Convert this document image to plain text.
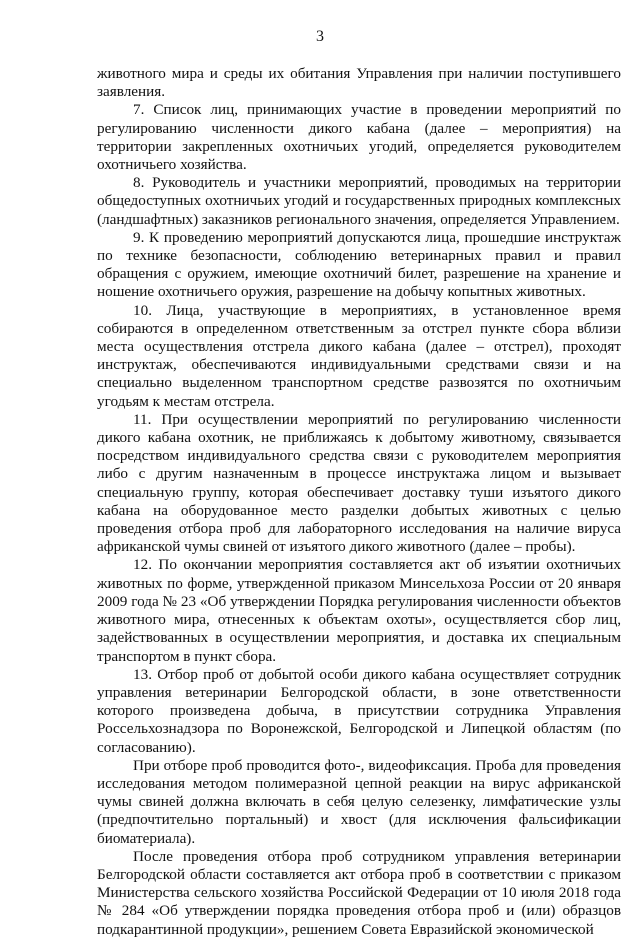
3

животного мира и среды их обитания Управления при наличии поступившего заявления.

7. Список лиц, принимающих участие в проведении мероприятий по регулированию численности дикого кабана (далее – мероприятия) на территории закрепленных охотничьих угодий, определяется руководителем охотничьего хозяйства.

8. Руководитель и участники мероприятий, проводимых на территории общедоступных охотничьих угодий и государственных природных комплексных (ландшафтных) заказников регионального значения, определяется Управлением.

9. К проведению мероприятий допускаются лица, прошедшие инструктаж по технике безопасности, соблюдению ветеринарных правил и правил обращения с оружием, имеющие охотничий билет, разрешение на хранение и ношение охотничьего оружия, разрешение на добычу копытных животных.

10. Лица, участвующие в мероприятиях, в установленное время собираются в определенном ответственным за отстрел пункте сбора вблизи места осуществления отстрела дикого кабана (далее – отстрел), проходят инструктаж, обеспечиваются индивидуальными средствами связи и на специально выделенном транспортном средстве развозятся по охотничьим угодьям к местам отстрела.

11. При осуществлении мероприятий по регулированию численности дикого кабана охотник, не приближаясь к добытому животному, связывается посредством индивидуального средства связи с руководителем мероприятия либо с другим назначенным в процессе инструктажа лицом и вызывает специальную группу, которая обеспечивает доставку туши изъятого дикого кабана на оборудованное место разделки добытых животных с целью проведения отбора проб для лабораторного исследования на наличие вируса африканской чумы свиней от изъятого дикого животного (далее – пробы).

12. По окончании мероприятия составляется акт об изъятии охотничьих животных по форме, утвержденной приказом Минсельхоза России от 20 января 2009 года № 23 «Об утверждении Порядка регулирования численности объектов животного мира, отнесенных к объектам охоты», осуществляется сбор лиц, задействованных в осуществлении мероприятия, и доставка их специальным транспортом в пункт сбора.

13. Отбор проб от добытой особи дикого кабана осуществляет сотрудник управления ветеринарии Белгородской области, в зоне ответственности которого произведена добыча, в присутствии сотрудника Управления Россельхознадзора по Воронежской, Белгородской и Липецкой областям (по согласованию).

При отборе проб проводится фото-, видеофиксация. Проба для проведения исследования методом полимеразной цепной реакции на вирус африканской чумы свиней должна включать в себя целую селезенку, лимфатические узлы (предпочтительно портальный) и хвост (для исключения фальсификации биоматериала).

После проведения отбора проб сотрудником управления ветеринарии Белгородской области составляется акт отбора проб в соответствии с приказом Министерства сельского хозяйства Российской Федерации от 10 июля 2018 года № 284 «Об утверждении порядка проведения отбора проб и (или) образцов подкарантинной продукции», решением Совета Евразийской экономической
